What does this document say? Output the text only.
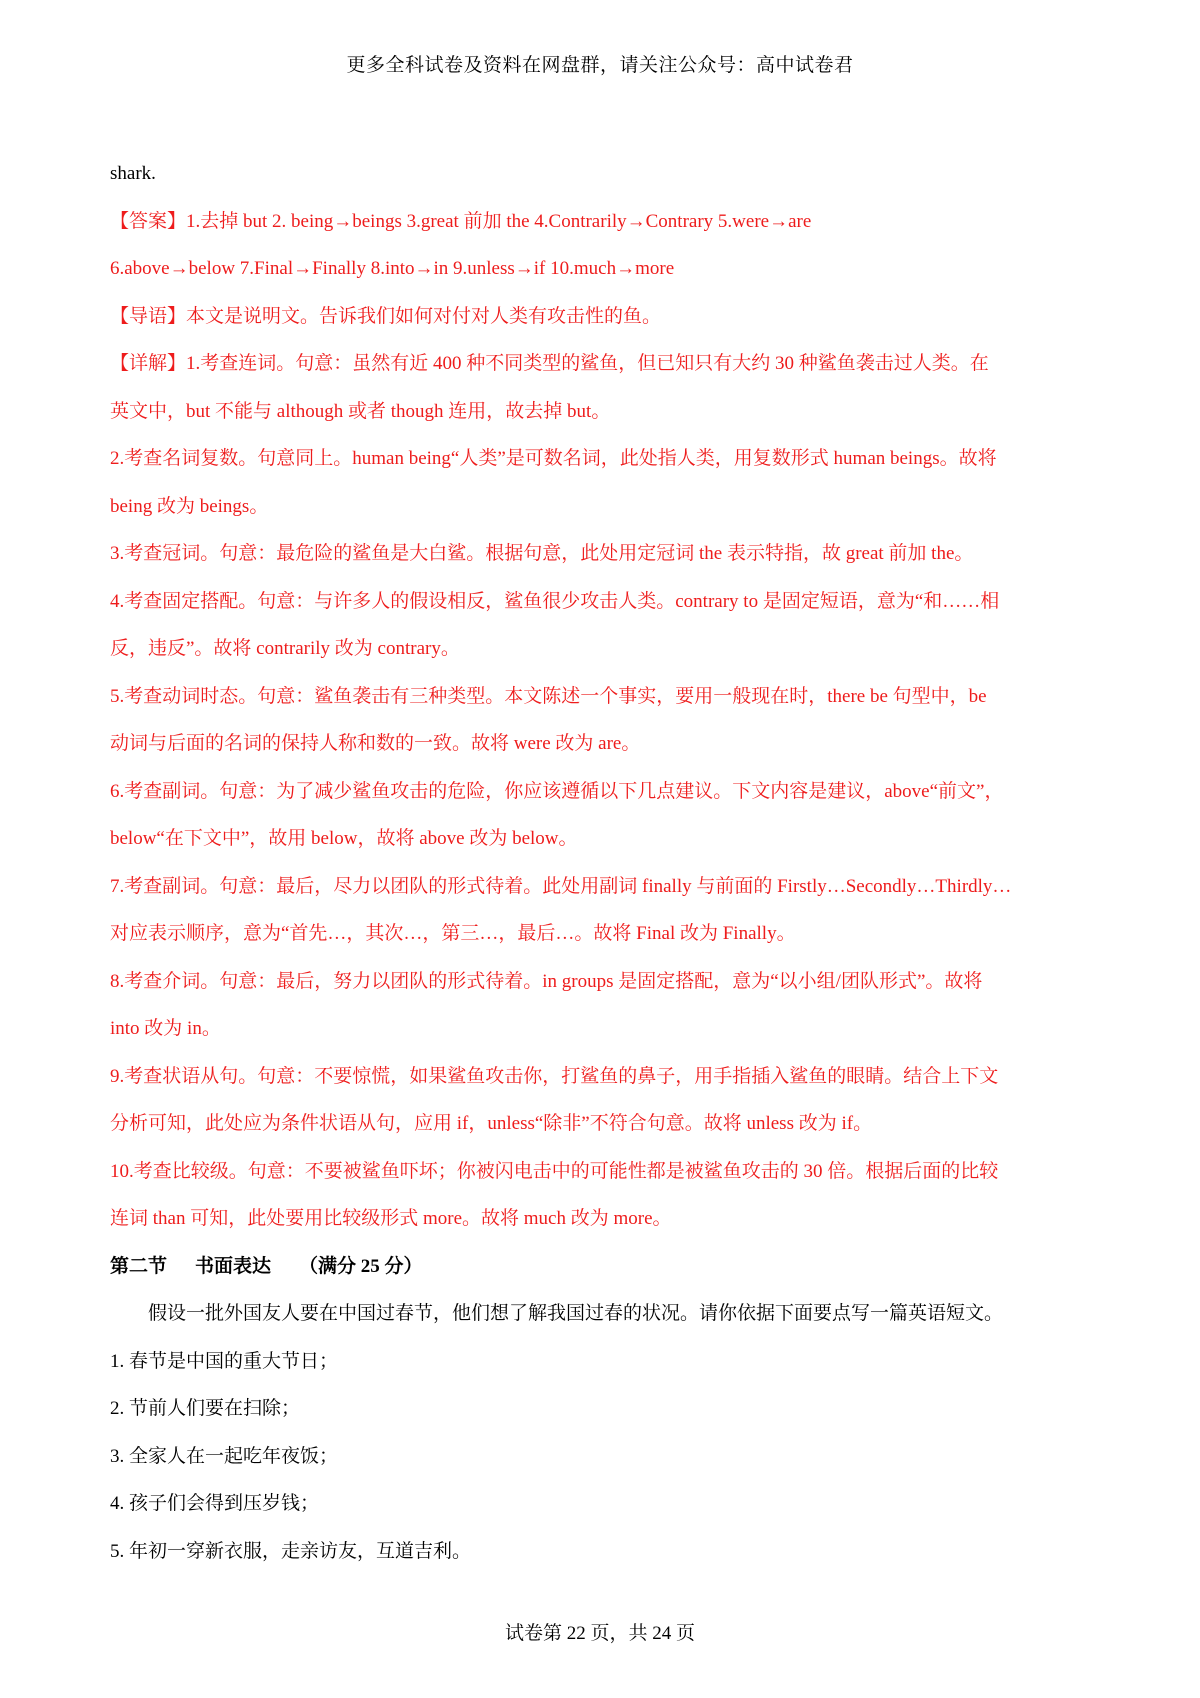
更多全科试卷及资料在网盘群，请关注公众号：高中试卷君
shark.
【答案】1.去掉 but 2. being→beings 3.great 前加 the 4.Contrarily→Contrary 5.were→are
6.above→below 7.Final→Finally 8.into→in 9.unless→if 10.much→more
【导语】本文是说明文。告诉我们如何对付对人类有攻击性的鱼。
【详解】1.考查连词。句意：虽然有近 400 种不同类型的鲨鱼，但已知只有大约 30 种鲨鱼袭击过人类。在
英文中，but 不能与 although 或者 though 连用，故去掉 but。
2.考查名词复数。句意同上。human being“人类”是可数名词，此处指人类，用复数形式 human beings。故将
being 改为 beings。
3.考查冠词。句意：最危险的鲨鱼是大白鲨。根据句意，此处用定冠词 the 表示特指，故 great 前加 the。
4.考查固定搭配。句意：与许多人的假设相反，鲨鱼很少攻击人类。contrary to 是固定短语，意为“和……相
反，违反”。故将 contrarily 改为 contrary。
5.考查动词时态。句意：鲨鱼袭击有三种类型。本文陈述一个事实，要用一般现在时，there be 句型中，be
动词与后面的名词的保持人称和数的一致。故将 were 改为 are。
6.考查副词。句意：为了减少鲨鱼攻击的危险，你应该遵循以下几点建议。下文内容是建议，above“前文”，
below“在下文中”，故用 below，故将 above 改为 below。
7.考查副词。句意：最后，尽力以团队的形式待着。此处用副词 finally 与前面的 Firstly…Secondly…Thirdly…
对应表示顺序，意为“首先…，其次…，第三…，最后…。故将 Final 改为 Finally。
8.考查介词。句意：最后，努力以团队的形式待着。in groups 是固定搭配，意为“以小组/团队形式”。故将
into 改为 in。
9.考查状语从句。句意：不要惊慌，如果鲨鱼攻击你，打鲨鱼的鼻子，用手指插入鲨鱼的眼睛。结合上下文
分析可知，此处应为条件状语从句，应用 if，unless“除非”不符合句意。故将 unless 改为 if。
10.考查比较级。句意：不要被鲨鱼吓坏；你被闪电击中的可能性都是被鲨鱼攻击的 30 倍。根据后面的比较
连词 than 可知，此处要用比较级形式 more。故将 much 改为 more。
第二节 书面表达 （满分 25 分）
假设一批外国友人要在中国过春节，他们想了解我国过春的状况。请你依据下面要点写一篇英语短文。
1. 春节是中国的重大节日；
2. 节前人们要在扫除；
3. 全家人在一起吃年夜饭；
4. 孩子们会得到压岁钱；
5. 年初一穿新衣服，走亲访友，互道吉利。
试卷第 22 页，共 24 页
